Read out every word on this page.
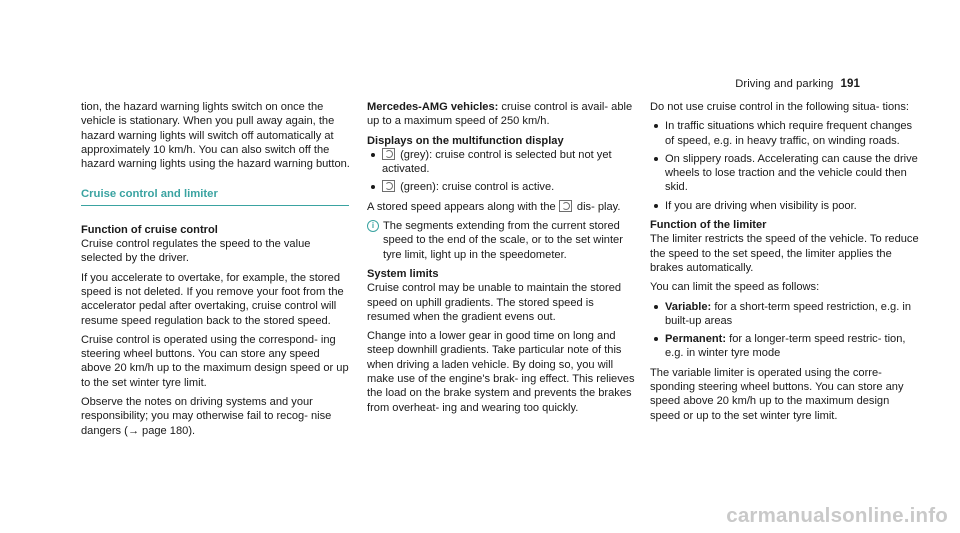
Driving and parking 191

tion, the hazard warning lights switch on once the vehicle is stationary. When you pull away again, the hazard warning lights will switch off automatically at approximately 10 km/h. You can also switch off the hazard warning lights using the hazard warning button.

Cruise control and limiter

Function of cruise control

Cruise control regulates the speed to the value selected by the driver.

If you accelerate to overtake, for example, the stored speed is not deleted. If you remove your foot from the accelerator pedal after overtaking, cruise control will resume speed regulation back to the stored speed.

Cruise control is operated using the correspond‐ ing steering wheel buttons. You can store any speed above 20 km/h up to the maximum design speed or up to the set winter tyre limit.

Observe the notes on driving systems and your responsibility; you may otherwise fail to recog‐ nise dangers (→ page 180).

Mercedes-AMG vehicles: cruise control is avail‐ able up to a maximum speed of 250 km/h.

Displays on the multifunction display

(grey): cruise control is selected but not yet activated.
(green): cruise control is active.

A stored speed appears along with the  dis‐ play.

i The segments extending from the current stored speed to the end of the scale, or to the set winter tyre limit, light up in the speedometer.

System limits

Cruise control may be unable to maintain the stored speed on uphill gradients. The stored speed is resumed when the gradient evens out.

Change into a lower gear in good time on long and steep downhill gradients. Take particular note of this when driving a laden vehicle. By doing so, you will make use of the engine's brak‐ ing effect. This relieves the load on the brake system and prevents the brakes from overheat‐ ing and wearing too quickly.

Do not use cruise control in the following situa‐ tions:

In traffic situations which require frequent changes of speed, e.g. in heavy traffic, on winding roads.
On slippery roads. Accelerating can cause the drive wheels to lose traction and the vehicle could then skid.
If you are driving when visibility is poor.

Function of the limiter

The limiter restricts the speed of the vehicle. To reduce the speed to the set speed, the limiter applies the brakes automatically.

You can limit the speed as follows:

Variable: for a short-term speed restriction, e.g. in built-up areas
Permanent: for a longer-term speed restric‐ tion, e.g. in winter tyre mode

The variable limiter is operated using the corre‐ sponding steering wheel buttons. You can store any speed above 20 km/h up to the maximum design speed or up to the set winter tyre limit.

carmanualsonline.info
